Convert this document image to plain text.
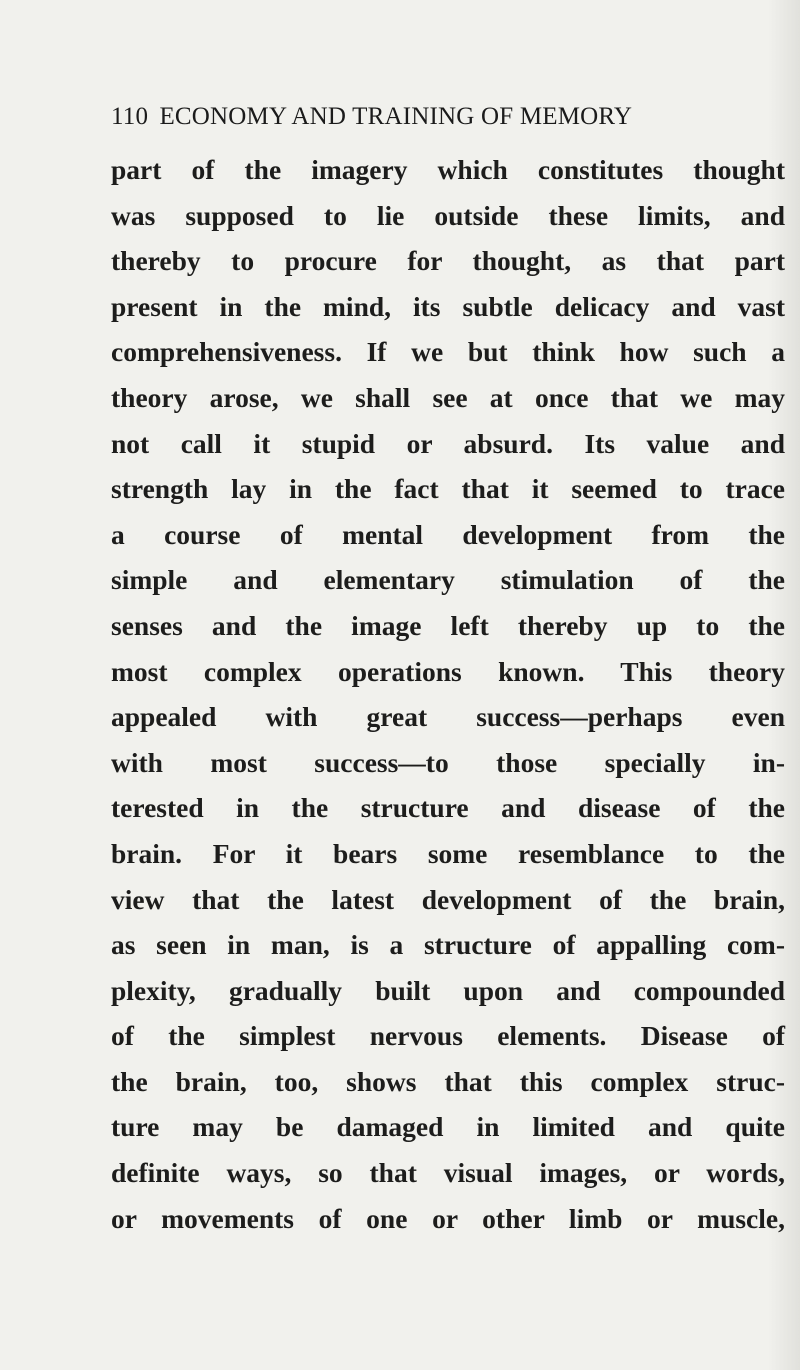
110 ECONOMY AND TRAINING OF MEMORY
part of the imagery which constitutes thought
was supposed to lie outside these limits, and
thereby to procure for thought, as that part
present in the mind, its subtle delicacy and vast
comprehensiveness. If we but think how such a
theory arose, we shall see at once that we may
not call it stupid or absurd. Its value and
strength lay in the fact that it seemed to trace
a course of mental development from the
simple and elementary stimulation of the
senses and the image left thereby up to the
most complex operations known. This theory
appealed with great success—perhaps even
with most success—to those specially in-
terested in the structure and disease of the
brain. For it bears some resemblance to the
view that the latest development of the brain,
as seen in man, is a structure of appalling com-
plexity, gradually built upon and compounded
of the simplest nervous elements. Disease of
the brain, too, shows that this complex struc-
ture may be damaged in limited and quite
definite ways, so that visual images, or words,
or movements of one or other limb or muscle,
